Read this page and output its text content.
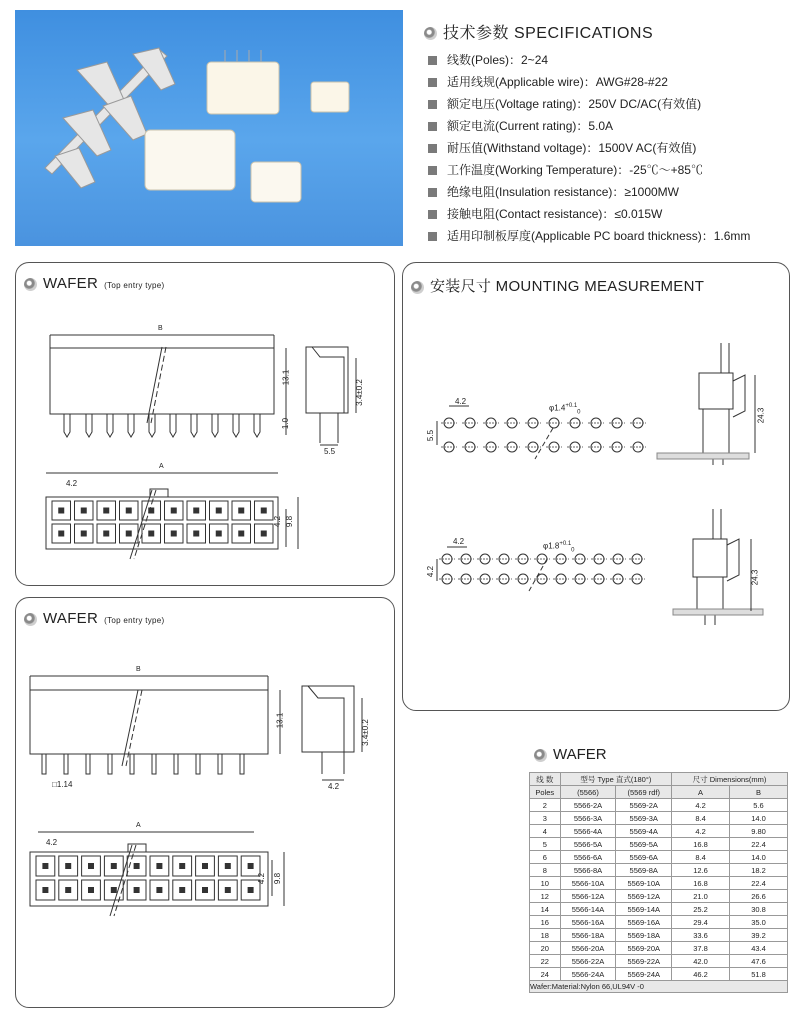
技术参数 SPECIFICATIONS
线数(Poles)：2~24
适用线规(Applicable wire)：AWG#28-#22
额定电压(Voltage rating)：250V DC/AC(有效值)
额定电流(Current rating)：5.0A
耐压值(Withstand voltage)：1500V AC(有效值)
工作温度(Working Temperature)：-25℃～+85℃
绝缘电阻(Insulation resistance)：≥1000MW
接触电阻(Contact resistance)：≤0.015W
适用印制板厚度(Applicable PC board thickness)：1.6mm
WAFER (Top entry type)
B
13.1
1.0
3.4±0.2
5.5
A
4.2
4.2 9.8
WAFER (Top entry type)
B
13.1	3.4±0.2
□1.14	4.2
A
4.2
4.2 9.8
安装尺寸 MOUNTING MEASUREMENT
4.2
5.5
$\varphi 1.4^{+0.1}_0$	24.3
4.2
4.2
$\varphi 1.8^{+0.1}_0$
24.3
WAFER
线 数	型号 Type 直式(180°)		尺寸 Dimensions(mm)	
Poles	(5566)	(5569 rdf)	A	B
2	5566-2A	5569-2A	4.2	5.6
3	5566-3A	5569-3A	8.4	14.0
4	5566-4A	5569-4A	4.2	9.80
5	5566-5A	5569-5A	16.8	22.4
6	5566-6A	5569-6A	8.4	14.0
8	5566-8A	5569-8A	12.6	18.2
10	5566-10A	5569-10A	16.8	22.4
12	5566-12A	5569-12A	21.0	26.6
14	5566-14A	5569-14A	25.2	30.8
16	5566-16A	5569-16A	29.4	35.0
18	5566-18A	5569-18A	33.6	39.2
20	5566-20A	5569-20A	37.8	43.4
22	5566-22A	5569-22A	42.0	47.6
24	5566-24A	5569-24A	46.2	51.8
Wafer:Material:Nylon 66,UL94V -0				
